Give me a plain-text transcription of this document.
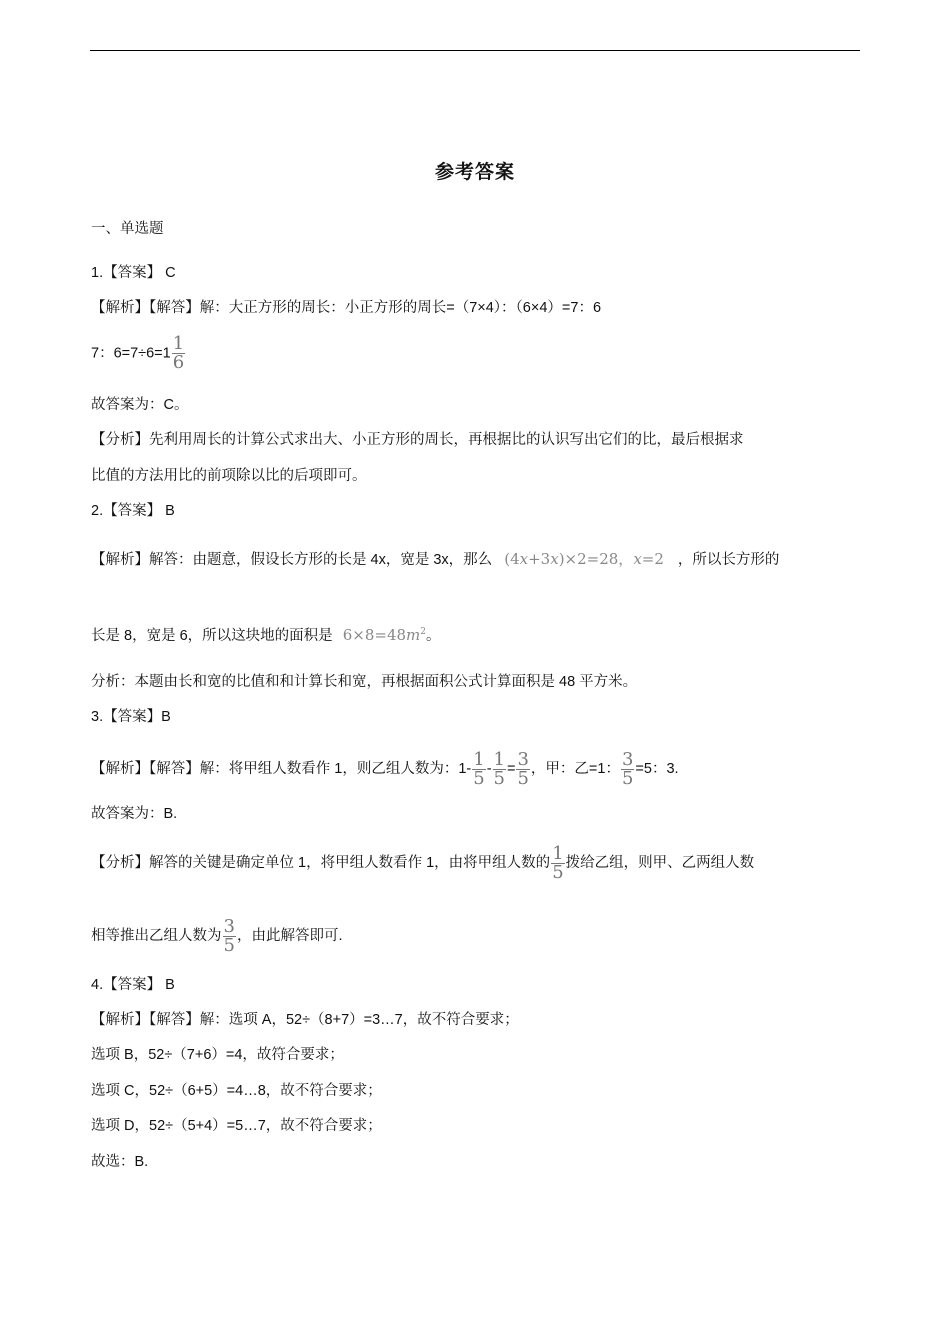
参考答案
一、单选题
1.【答案】 C
【解析】【解答】解：大正方形的周长：小正方形的周长=（7×4）：（6×4）=7：6
7：$6=7\div 6=1 \frac{1}{6}$
故答案为：C。
【分析】先利用周长的计算公式求出大、小正方形的周长，再根据比的认识写出它们的比，最后根据求
比值的方法用比的前项除以比的后项即可。
2.【答案】 B
【解析】解答：由题意，假设长方形的长是 4x，宽是 3x，那么 (4x+3x)×2=28，x=2 ，所以长方形的
长是 8，宽是 6，所以这块地的面积是 $6\times 8=48m^2$。
分析：本题由长和宽的比值和和计算长和宽，再根据面积公式计算面积是 48 平方米。
3.【答案】B
【解析】【解答】解：将甲组人数看作 1，则乙组人数为：$1- \frac{1}{5} - \frac{1}{5} = \frac{3}{5}$ ，甲：乙=1： $\frac{3}{5} =5$：3.
故答案为：B.
【分析】解答的关键是确定单位 1，将甲组人数看作 1，由将甲组人数的 $\frac{1}{5}$ 拨给乙组，则甲、乙两组人数
相等推出乙组人数为 $\frac{3}{5}$ ，由此解答即可.
4.【答案】 B
【解析】【解答】解：选项 A，52÷（8+7）=3…7，故不符合要求；
选项 B，52÷（7+6）=4，故符合要求；
选项 C，52÷（6+5）=4…8，故不符合要求；
选项 D，52÷（5+4）=5…7，故不符合要求；
故选：B.
